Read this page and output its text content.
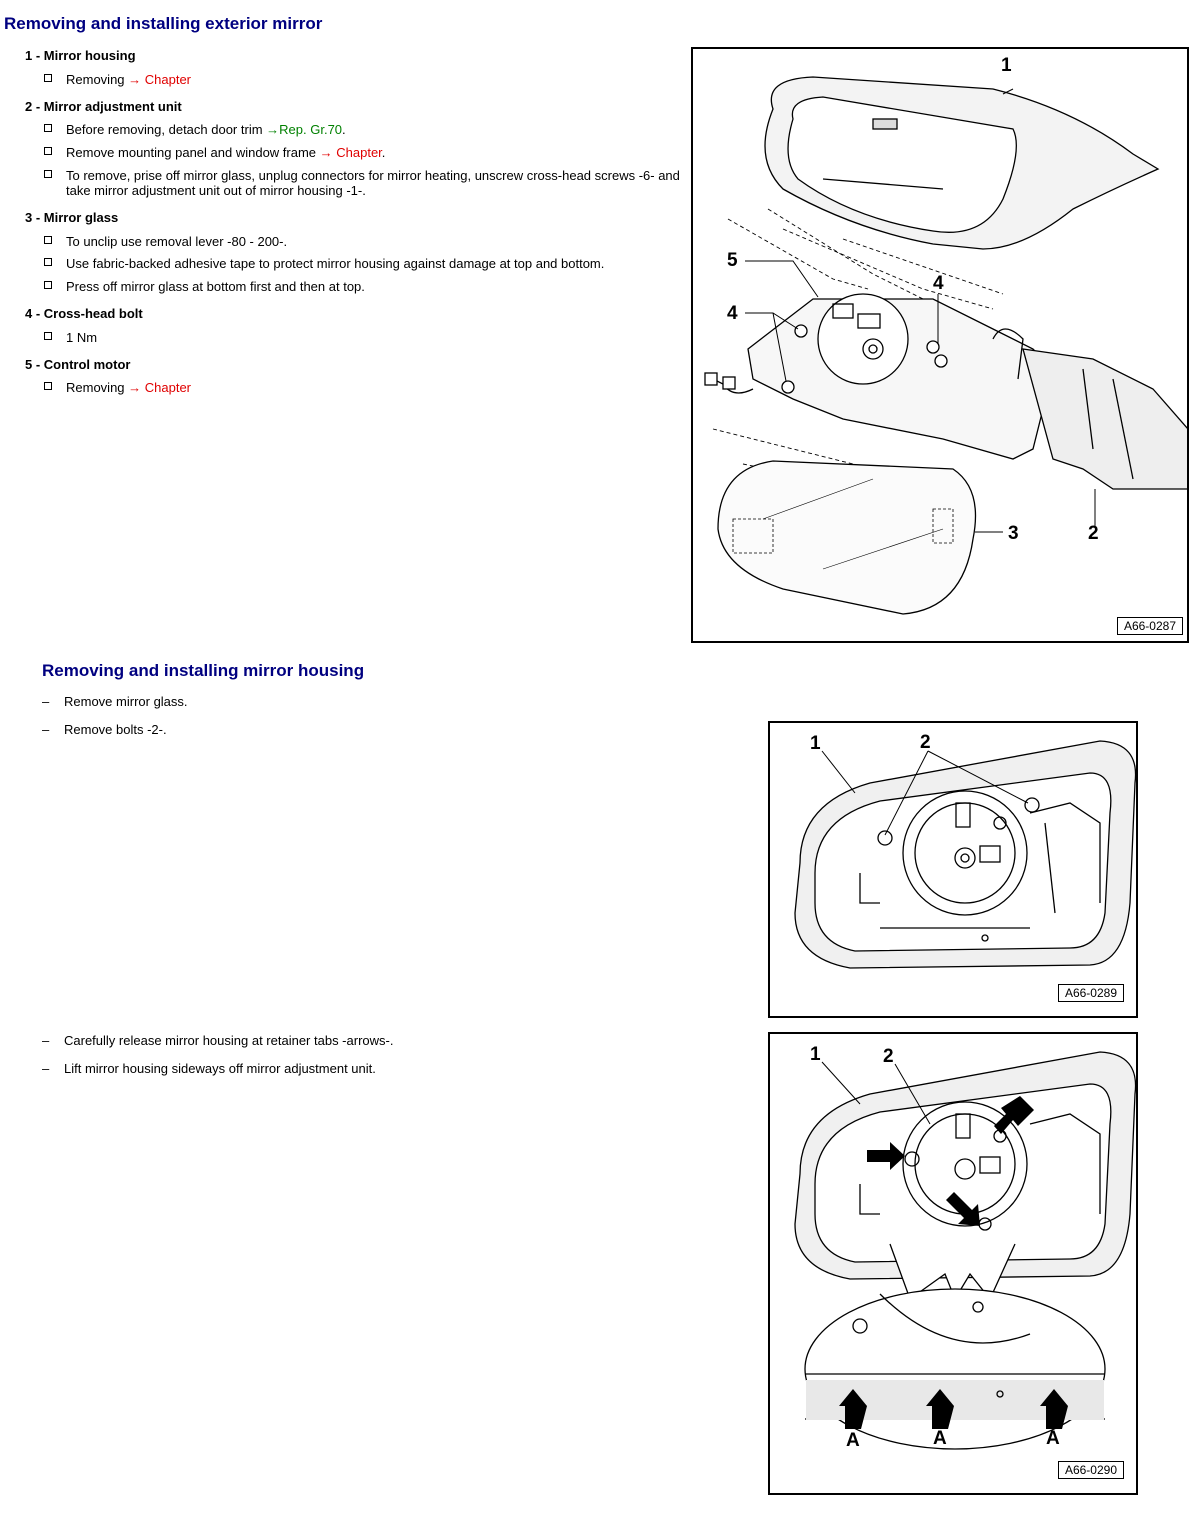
Removing and installing exterior mirror
1 - Mirror housing
Removing → Chapter
2 - Mirror adjustment unit
Before removing, detach door trim →Rep. Gr.70.
Remove mounting panel and window frame → Chapter.
To remove, prise off mirror glass, unplug connectors for mirror heating, unscrew cross-head screws -6- and take mirror adjustment unit out of mirror housing -1-.
3 - Mirror glass
To unclip use removal lever -80 - 200-.
Use fabric-backed adhesive tape to protect mirror housing against damage at top and bottom.
Press off mirror glass at bottom first and then at top.
4 - Cross-head bolt
1 Nm
5 - Control motor
Removing → Chapter
1
2
3
4
4
5
A66-0287
Removing and installing mirror housing
– Remove mirror glass.
– Remove bolts -2-.
1	2
A66-0289
– Carefully release mirror housing at retainer tabs -arrows-.
– Lift mirror housing sideways off mirror adjustment unit.
1	2
A	A	A
A66-0290
